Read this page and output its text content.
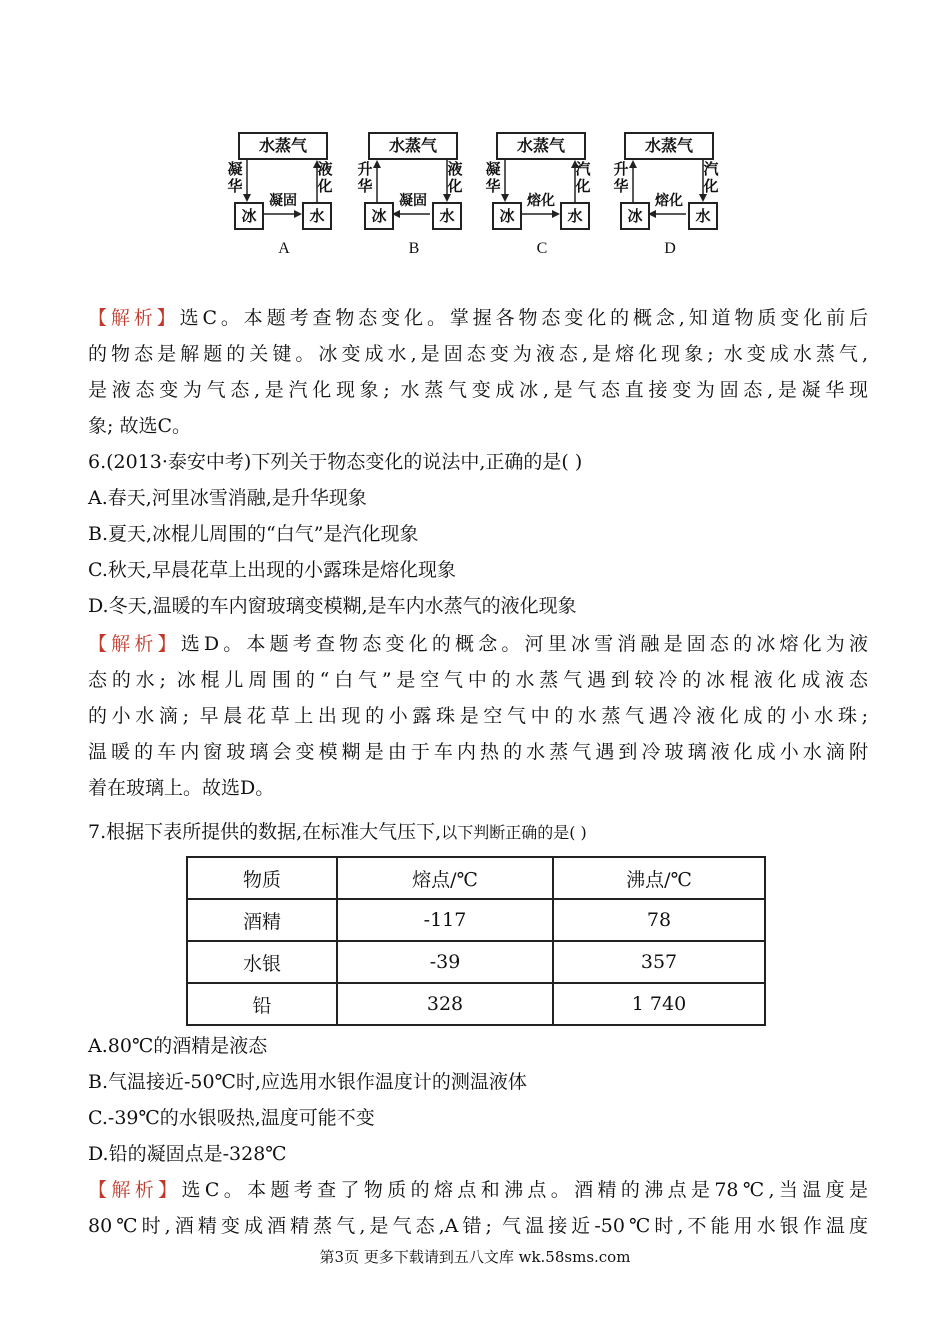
水蒸气
凝
华
液
化
凝固
冰	水
A
水蒸气
升
华
液
化
凝固
冰	水
B
水蒸气
凝
华
汽
化
熔化
冰	水
C
水蒸气
升
华
汽
化
熔化
冰	水
D
【解析】选C。本题考查物态变化。掌握各物态变化的概念,知道物质变化前后
的物态是解题的关键。冰变成水,是固态变为液态,是熔化现象; 水变成水蒸气,
是液态变为气态,是汽化现象; 水蒸气变成冰,是气态直接变为固态,是凝华现
象; 故选C。
6.(2013·泰安中考)下列关于物态变化的说法中,正确的是( )
A.春天,河里冰雪消融,是升华现象
B.夏天,冰棍儿周围的“白气”是汽化现象
C.秋天,早晨花草上出现的小露珠是熔化现象
D.冬天,温暖的车内窗玻璃变模糊,是车内水蒸气的液化现象
【解析】选D。本题考查物态变化的概念。河里冰雪消融是固态的冰熔化为液
态的水; 冰棍儿周围的“白气”是空气中的水蒸气遇到较冷的冰棍液化成液态
的小水滴; 早晨花草上出现的小露珠是空气中的水蒸气遇冷液化成的小水珠;
温暖的车内窗玻璃会变模糊是由于车内热的水蒸气遇到冷玻璃液化成小水滴附
着在玻璃上。故选D。
7.根据下表所提供的数据,在标准大气压下,以下判断正确的是( )
物质	熔点/℃	沸点/℃
酒精	-117	78
水银	-39	357
铅	328	1 740
A.80℃的酒精是液态
B.气温接近-50℃时,应选用水银作温度计的测温液体
C.-39℃的水银吸热,温度可能不变
D.铅的凝固点是-328℃
【解析】选C。本题考查了物质的熔点和沸点。酒精的沸点是78℃,当温度是
80℃时,酒精变成酒精蒸气,是气态,A错; 气温接近-50℃时,不能用水银作温度
第3页 更多下载请到五八文库 wk.58sms.com
